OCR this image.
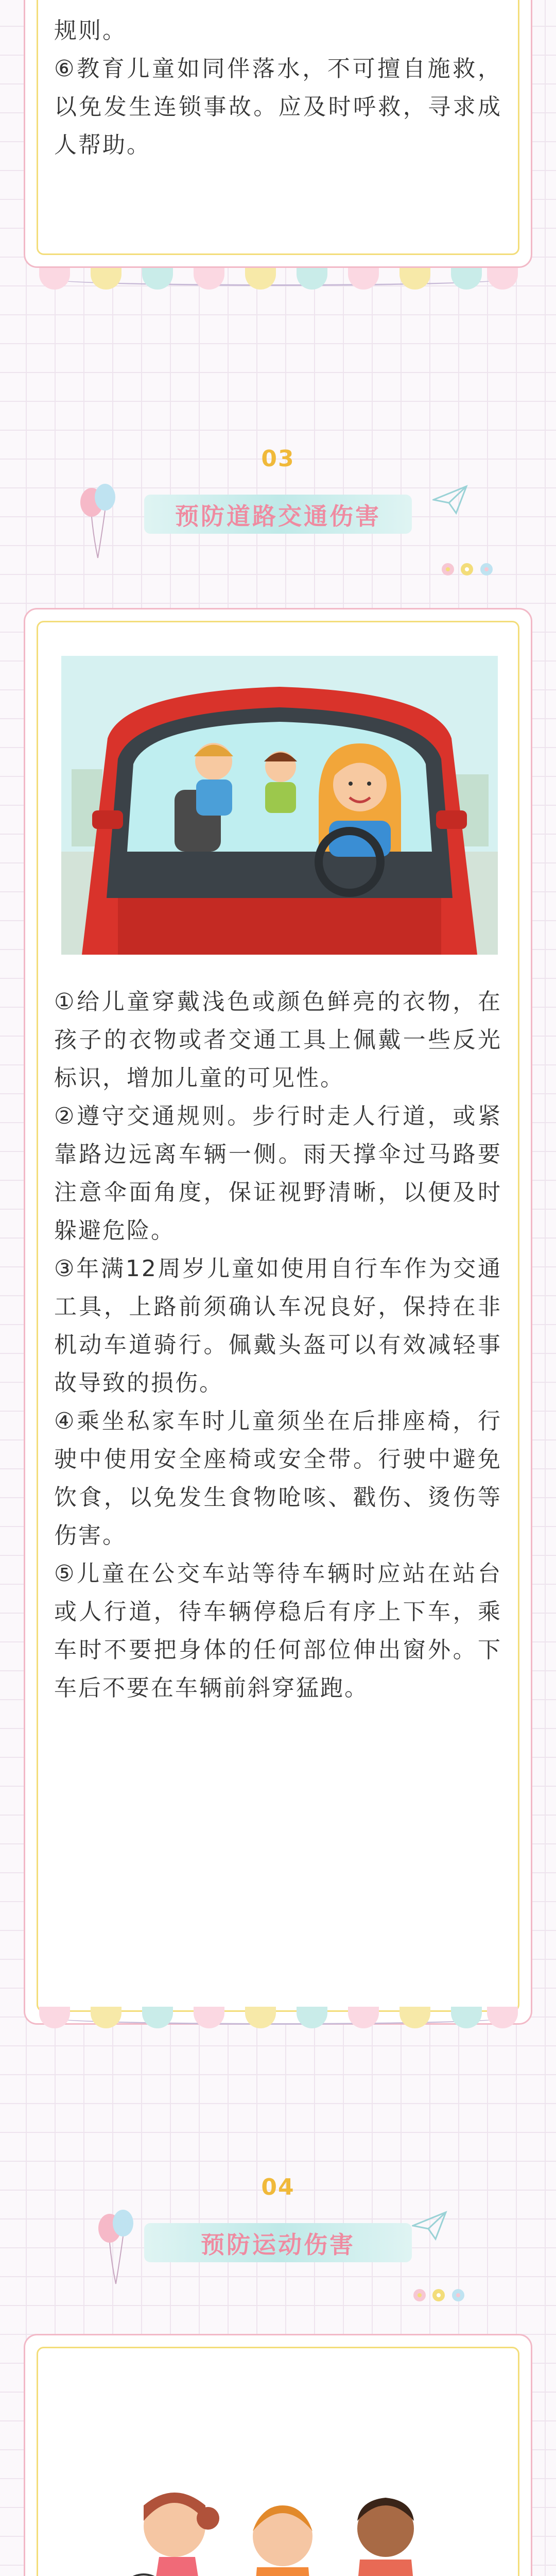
规则。

⑥教育儿童如同伴落水，不可擅自施救，以免发生连锁事故。应及时呼救，寻求成人帮助。

03
预防道路交通伤害

①给儿童穿戴浅色或颜色鲜亮的衣物，在孩子的衣物或者交通工具上佩戴一些反光标识，增加儿童的可见性。

②遵守交通规则。步行时走人行道，或紧靠路边远离车辆一侧。雨天撑伞过马路要注意伞面角度，保证视野清晰，以便及时躲避危险。

③年满12周岁儿童如使用自行车作为交通工具，上路前须确认车况良好，保持在非机动车道骑行。佩戴头盔可以有效减轻事故导致的损伤。

④乘坐私家车时儿童须坐在后排座椅，行驶中使用安全座椅或安全带。行驶中避免饮食，以免发生食物呛咳、戳伤、烫伤等伤害。

⑤儿童在公交车站等待车辆时应站在站台或人行道，待车辆停稳后有序上下车，乘车时不要把身体的任何部位伸出窗外。下车后不要在车辆前斜穿猛跑。

04
预防运动伤害
